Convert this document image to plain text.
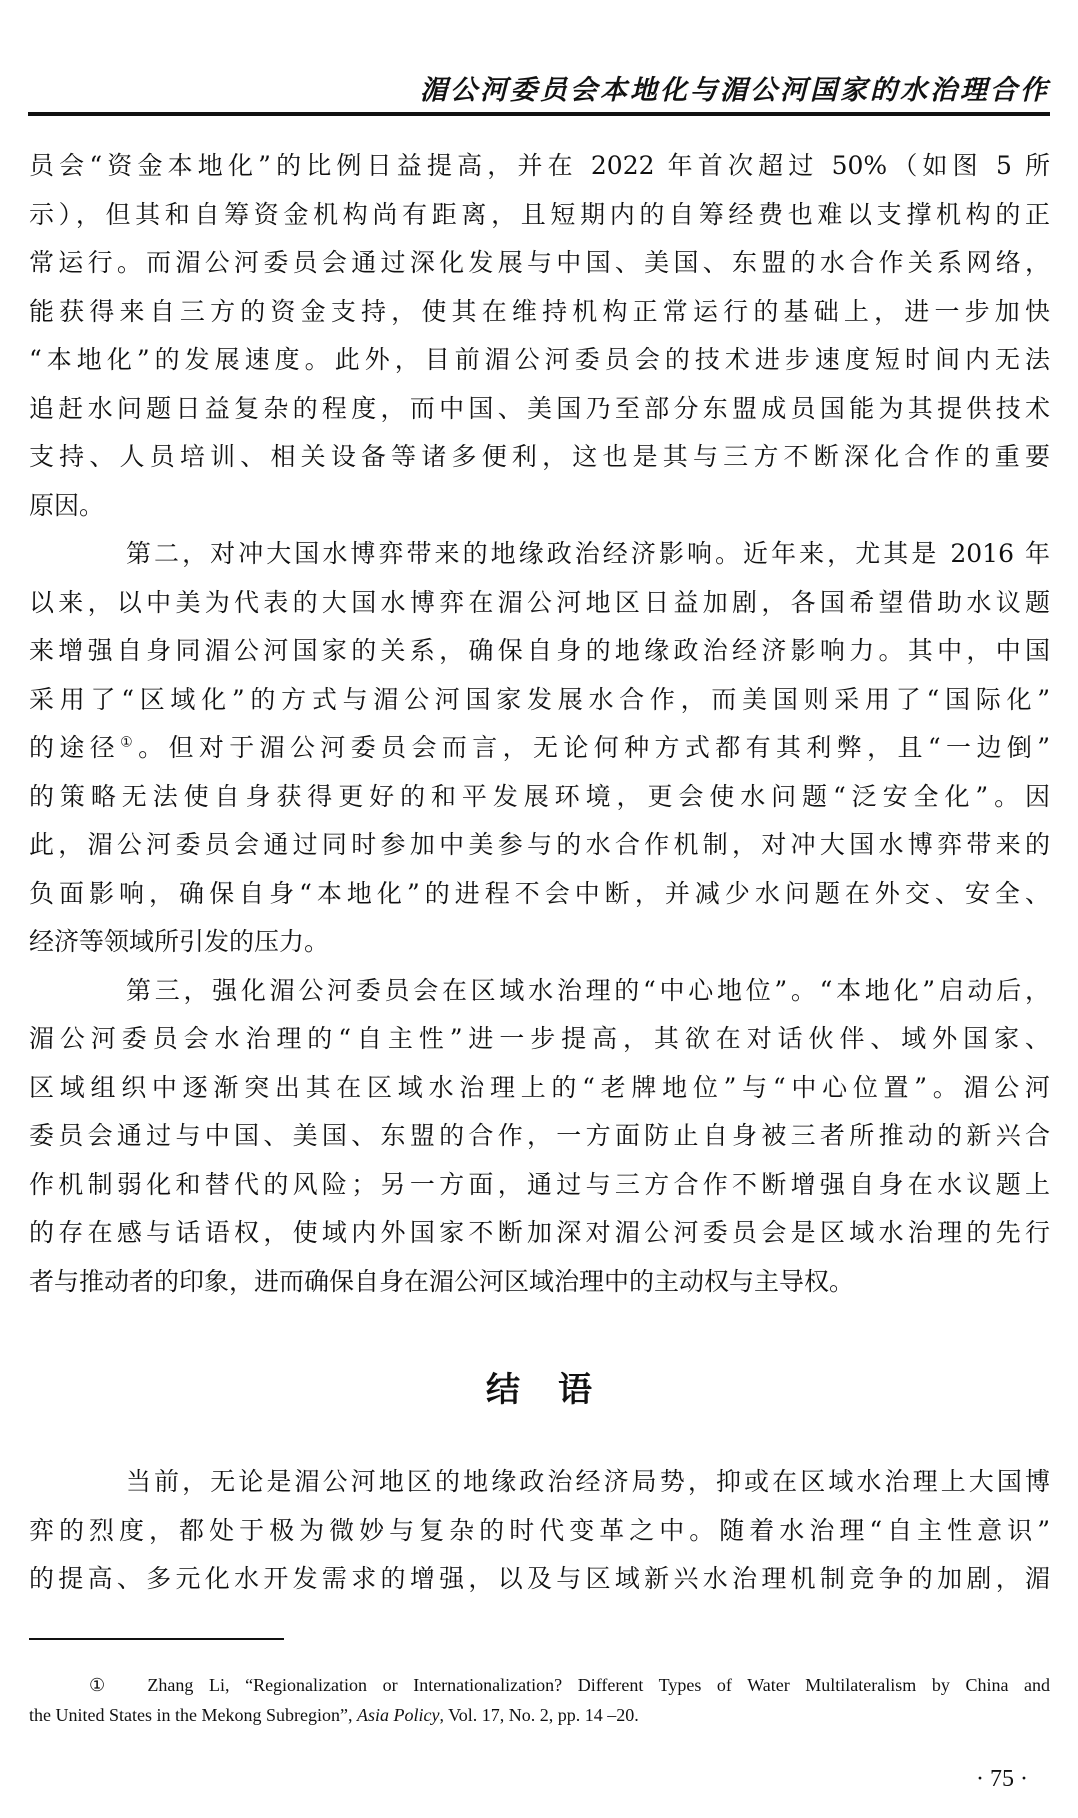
湄公河委员会本地化与湄公河国家的水治理合作
员会“资金本地化”的比例日益提高，并在 2022 年首次超过 50%（如图 5 所
示），但其和自筹资金机构尚有距离，且短期内的自筹经费也难以支撑机构的正
常运行。而湄公河委员会通过深化发展与中国、美国、东盟的水合作关系网络，
能获得来自三方的资金支持，使其在维持机构正常运行的基础上，进一步加快
“本地化”的发展速度。此外，目前湄公河委员会的技术进步速度短时间内无法
追赶水问题日益复杂的程度，而中国、美国乃至部分东盟成员国能为其提供技术
支持、人员培训、相关设备等诸多便利，这也是其与三方不断深化合作的重要
原因。
第二，对冲大国水博弈带来的地缘政治经济影响。近年来，尤其是 2016 年
以来，以中美为代表的大国水博弈在湄公河地区日益加剧，各国希望借助水议题
来增强自身同湄公河国家的关系，确保自身的地缘政治经济影响力。其中，中国
采用了“区域化”的方式与湄公河国家发展水合作，而美国则采用了“国际化”
的途径①。但对于湄公河委员会而言，无论何种方式都有其利弊，且“一边倒”
的策略无法使自身获得更好的和平发展环境，更会使水问题“泛安全化”。因
此，湄公河委员会通过同时参加中美参与的水合作机制，对冲大国水博弈带来的
负面影响，确保自身“本地化”的进程不会中断，并减少水问题在外交、安全、
经济等领域所引发的压力。
第三，强化湄公河委员会在区域水治理的“中心地位”。“本地化”启动后，
湄公河委员会水治理的“自主性”进一步提高，其欲在对话伙伴、域外国家、
区域组织中逐渐突出其在区域水治理上的“老牌地位”与“中心位置”。湄公河
委员会通过与中国、美国、东盟的合作，一方面防止自身被三者所推动的新兴合
作机制弱化和替代的风险；另一方面，通过与三方合作不断增强自身在水议题上
的存在感与话语权，使域内外国家不断加深对湄公河委员会是区域水治理的先行
者与推动者的印象，进而确保自身在湄公河区域治理中的主动权与主导权。
结语
当前，无论是湄公河地区的地缘政治经济局势，抑或在区域水治理上大国博
弈的烈度，都处于极为微妙与复杂的时代变革之中。随着水治理“自主性意识”
的提高、多元化水开发需求的增强，以及与区域新兴水治理机制竞争的加剧，湄
① Zhang Li, “Regionalization or Internationalization? Different Types of Water Multilateralism by China and
the United States in the Mekong Subregion”, Asia Policy, Vol. 17, No. 2, pp. 14 –20.
· 75 ·
